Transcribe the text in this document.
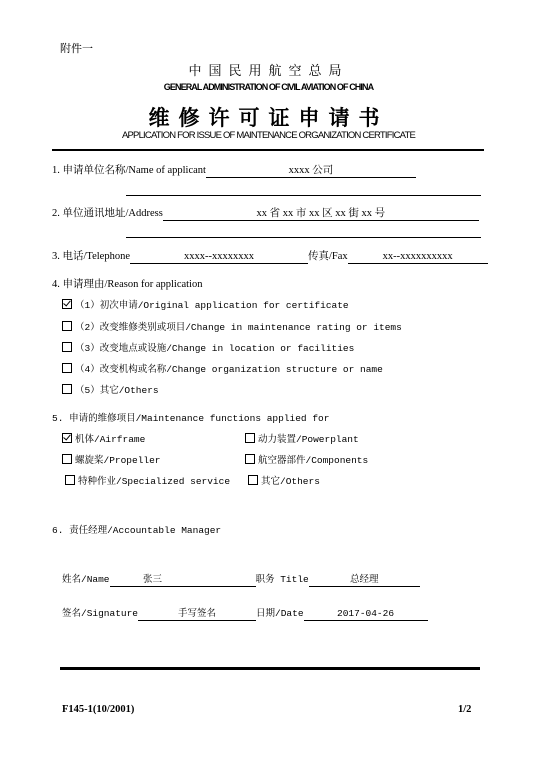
附件一
中国民用航空总局
GENERAL ADMINISTRATION OF CIVIL AVIATION OF CHINA
维修许可证申请书
APPLICATION FOR ISSUE OF MAINTENANCE ORGANIZATION CERTIFICATE
1. 申请单位名称/Name of applicant	xxxx 公司
2. 单位通讯地址/Address	xx 省 xx 市 xx 区 xx 街 xx 号
3. 电话/Telephone	xxxx--xxxxxxxx	传真/Fax	xx--xxxxxxxxxx
4. 申请理由/Reason for application
（1）初次申请/Original application for certificate
（2）改变维修类别或项目/Change in maintenance rating or items
（3）改变地点或设施/Change in location or facilities
（4）改变机构或名称/Change organization structure or name
（5）其它/Others
5. 申请的维修项目/Maintenance functions applied for
机体/Airframe	动力装置/Powerplant
螺旋桨/Propeller	航空器部件/Components
特种作业/Specialized service	其它/Others
6. 责任经理/Accountable Manager
姓名/Name	张三	职务 Title	总经理
签名/Signature	手写签名	日期/Date	2017-04-26
F145-1(10/2001)	1/2
